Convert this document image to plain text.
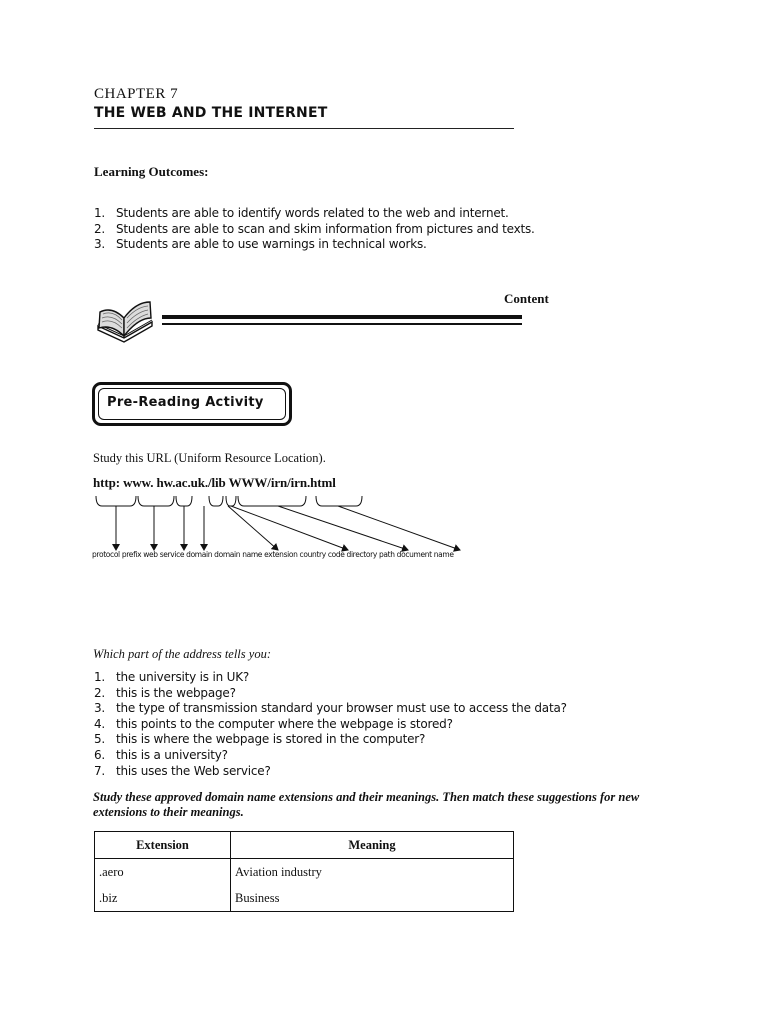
CHAPTER 7
THE WEB AND THE INTERNET
Learning Outcomes:
1. Students are able to identify words related to the web and internet.
2. Students are able to scan and skim information from pictures and texts.
3. Students are able to use warnings in technical works.
Content
Pre-Reading Activity
Study this URL (Uniform Resource Location).
http: www. hw.ac.uk./lib WWW/irn/irn.html
protocol prefix web service domain domain name extension country code directory path document name
Which part of the address tells you:
1. the university is in UK?
2. this is the webpage?
3. the type of transmission standard your browser must use to access the data?
4. this points to the computer where the webpage is stored?
5. this is where the webpage is stored in the computer?
6. this is a university?
7. this uses the Web service?
Study these approved domain name extensions and their meanings. Then match these suggestions for new extensions to their meanings.
Extension	Meaning
.aero	Aviation industry
.biz	Business
